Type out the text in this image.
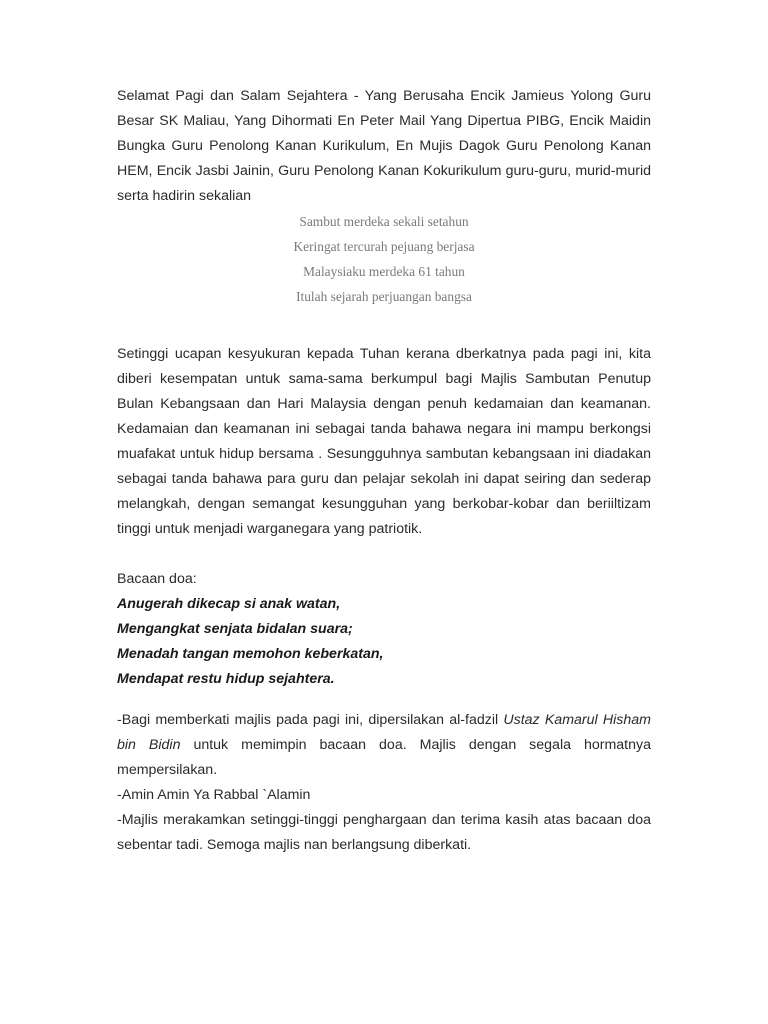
Selamat Pagi dan Salam Sejahtera - Yang Berusaha Encik Jamieus Yolong Guru Besar SK Maliau, Yang Dihormati En Peter Mail Yang Dipertua PIBG, Encik Maidin Bungka Guru Penolong Kanan Kurikulum, En Mujis Dagok Guru Penolong Kanan HEM, Encik Jasbi Jainin, Guru Penolong Kanan Kokurikulum guru-guru, murid-murid serta hadirin sekalian

Sambut merdeka sekali setahun
Keringat tercurah pejuang berjasa
Malaysiaku merdeka 61 tahun
Itulah sejarah perjuangan bangsa

Setinggi ucapan kesyukuran kepada Tuhan kerana dberkatnya pada pagi ini, kita diberi kesempatan untuk sama-sama berkumpul bagi Majlis Sambutan Penutup Bulan Kebangsaan dan Hari Malaysia dengan penuh kedamaian dan keamanan. Kedamaian dan keamanan ini sebagai tanda bahawa negara ini mampu berkongsi muafakat untuk hidup bersama . Sesungguhnya sambutan kebangsaan ini diadakan sebagai tanda bahawa para guru dan pelajar sekolah ini dapat seiring dan sederap melangkah, dengan semangat kesungguhan yang berkobar-kobar dan beriiltizam tinggi untuk menjadi warganegara yang patriotik.

Bacaan doa:

Anugerah dikecap si anak watan,
Mengangkat senjata bidalan suara;
Menadah tangan memohon keberkatan,
Mendapat restu hidup sejahtera.

-Bagi memberkati majlis pada pagi ini, dipersilakan al-fadzil Ustaz Kamarul Hisham bin Bidin untuk memimpin bacaan doa. Majlis dengan segala hormatnya mempersilakan.

-Amin Amin Ya Rabbal `Alamin

-Majlis merakamkan setinggi-tinggi penghargaan dan terima kasih atas bacaan doa sebentar tadi. Semoga majlis nan berlangsung diberkati.
